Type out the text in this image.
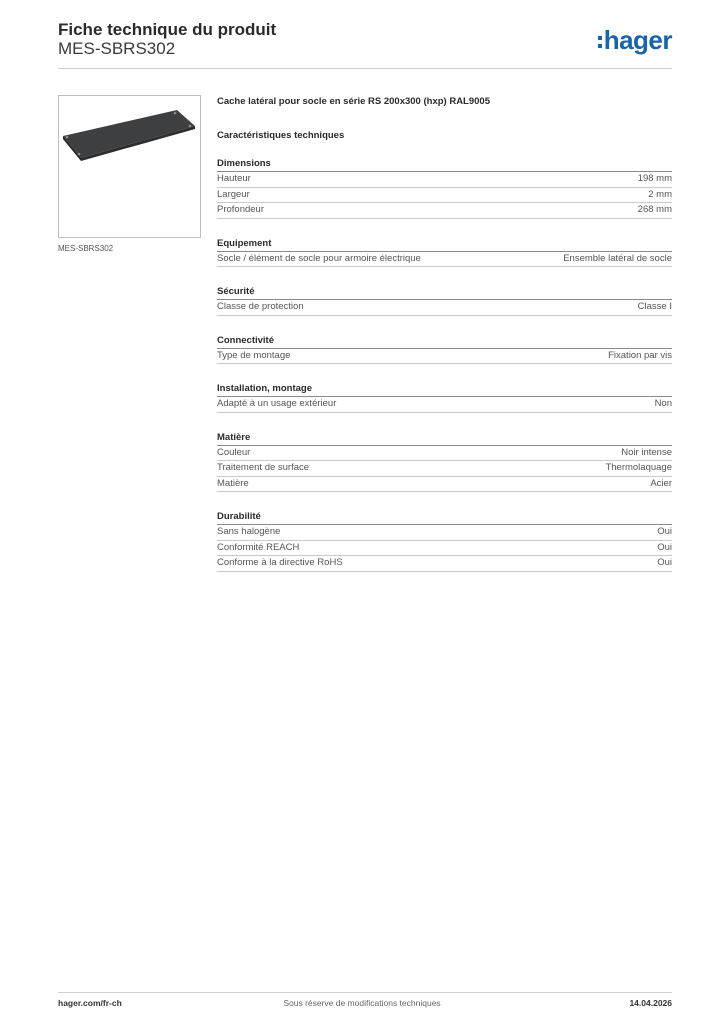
Fiche technique du produit
MES-SBRS302	hager
MES-SBRS302
Cache latéral pour socle en série RS 200x300 (hxp) RAL9005
Caractéristiques techniques
Dimensions
Hauteur	198 mm
Largeur	2 mm
Profondeur	268 mm
Equipement
Socle / élément de socle pour armoire électrique	Ensemble latéral de socle
Sécurité
Classe de protection	Classe I
Connectivité
Type de montage	Fixation par vis
Installation, montage
Adapté à un usage extérieur	Non
Matière
Couleur	Noir intense
Traitement de surface	Thermolaquage
Matière	Acier
Durabilité
Sans halogène	Oui
Conformité REACH	Oui
Conforme à la directive RoHS	Oui
hager.com/fr-ch	Sous réserve de modifications techniques	14.04.2026
